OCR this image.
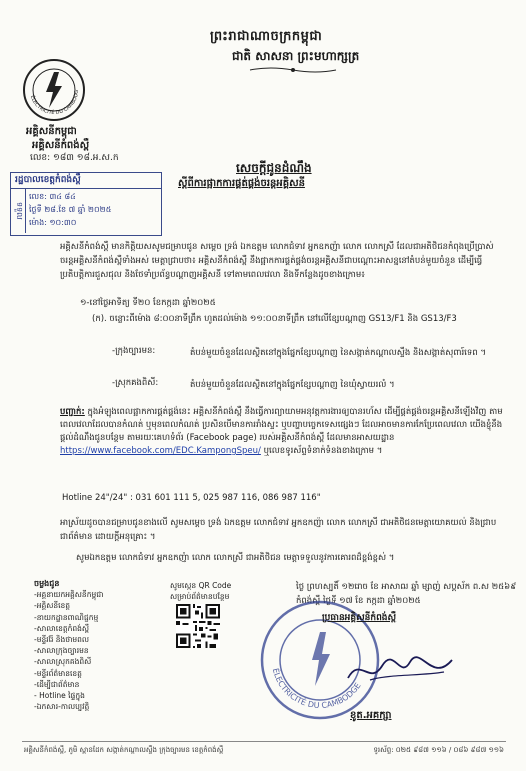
ព្រះរាជាណាចក្រកម្ពុជា
ជាតិ សាសនា ព្រះមហាក្សត្រ
ÉLECTRICITÉ DU CAMBODG
អគ្គិសនីកម្ពុជា
អគ្គិសនីកំពង់ស្ពឺ
លេខ: ១៨៣ ១៨.អ.ស.ក
រដ្ឋបាលខេត្តកំពង់ស្ពឺ
ទទួល
លេខ: ៣៤ ៨៤
ថ្ងៃទី ២៨.ខែ ៧ ឆ្នាំ ២០២៥
ម៉ោង: ១០:៣០
សេចក្តីជូនដំណឹង
ស្តីពីការផ្អាកការផ្គត់ផ្គង់ចរន្តអគ្គិសនី
អគ្គិសនីកំពង់ស្ពឺ មានកិត្តិយសសូមជម្រាបជូន សម្តេច ទ្រង់ ឯកឧត្តម លោកជំទាវ អ្នកឧកញ៉ា លោក លោកស្រី ដែលជាអតិថិជនកំពុងប្រើប្រាស់ចរន្តអគ្គិសនីកំពង់ស្ពឺទាំងអស់ មេត្តាជ្រាបថា៖ អគ្គិសនីកំពង់ស្ពឺ នឹងផ្អាកការផ្គត់ផ្គង់ចរន្តអគ្គិសនីជាបណ្តោះអាសន្ននៅតំបន់មួយចំនួន ដើម្បីធ្វើប្រតិបត្តិការជួសជុល និងថែទាំប្រព័ន្ធបណ្តាញអគ្គិសនី ទៅតាមពេលវេលា និងទីកន្លែងដូចខាងក្រោម៖
១-នៅថ្ងៃអាទិត្យ ទី២០ ខែកក្កដា ឆ្នាំ២០២៥
(ក). ចន្លោះពីម៉ោង ៨:០០នាទីព្រឹក ហូតដល់ម៉ោង ១១:០០នាទីព្រឹក នៅលើខ្សែបណ្តាញ GS13/F1 និង GS13/F3
-ក្រុងច្បារមន:	តំបន់មួយចំនួនដែលស្ថិតនៅក្នុងផ្នែកខ្សែបណ្តាញ នៃសង្កាត់កណ្តាលស្ទឹង និងសង្កាត់សុពារ៍ទេព ។
-ស្រុកគងពិសី:	តំបន់មួយចំនួនដែលស្ថិតនៅក្នុងផ្នែកខ្សែបណ្តាញ នៃឃុំស្វាយរលំ ។
បញ្ជាក់: ក្នុងអំឡុងពេលផ្អាកការផ្គត់ផ្គង់នេះ អគ្គិសនីកំពង់ស្ពឺ នឹងធ្វើការព្យាយាមអនុវត្តការងារឲ្យបានរហ័ស ដើម្បីផ្គត់ផ្គង់ចរន្តអគ្គិសនីឡើងវិញ តាមពេលវេលាដែលបានកំណត់ ឬមុនពេលកំណត់ ប្រសិនបើមានការរាំងស្ទះ ឬបញ្ហាបច្ចេកទេសផ្សេងៗ ដែលអាចមានការកែប្រែពេលវេលា យើងខ្ញុំនឹងផ្តល់ដំណឹងជូនបន្ថែម តាមរយៈគេហទំព័រ (Facebook page) របស់អគ្គិសនីកំពង់ស្ពឺ ដែលមានអាសយដ្ឋាន https://www.facebook.com/EDC.KampongSpeu/ ឬលេខទូរស័ព្ទទំនាក់ទំនងខាងក្រោម ។
Hotline 24"/24" : 031 601 111 5, 025 987 116, 086 987 116"
អាស្រ័យដូចបានជម្រាបជូនខាងលើ សូមសម្តេច ទ្រង់ ឯកឧត្តម លោកជំទាវ អ្នកឧកញ៉ា លោក លោកស្រី ជាអតិថិជនមេត្តាយោគយល់ និងជ្រាបជាព័ត៌មាន ដោយក្តីអនុគ្រោះ ។
សូមឯកឧត្តម លោកជំទាវ អ្នកឧកញ៉ា លោក លោកស្រី ជាអតិថិជន មេត្តាទទួលនូវការគោរពដ៏ខ្ពង់ខ្ពស់ ។
ចម្លងជូន
-អគ្គនាយកអគ្គិសនីកម្ពុជា
-អគ្គិសនីខេត្ត
-នាយកដ្ឋានពាណិជ្ជកម្ម
-សាលាខេត្តកំពង់ស្ពឺ
-មន្ទីររ៉ែ និងថាមពល
-សាលាក្រុងច្បារមន
-សាលាស្រុកគងពិសី
-មន្ទីរព័ត៌មានខេត្ត
-ដើម្បីជាព័ត៌មាន
- Hotline ផ្ទៃក្នុង
-ឯកសារ-កាលប្បវត្តិ
សូមស្កេន QR Code
សម្រាប់ព័ត៌មានបន្ថែម
ថ្ងៃ ព្រហស្បតិ៍ ១២រោច ខែ អាសាឍ ឆ្នាំ ម្សាញ់ សប្តស័ក ព.ស ២៥៦៩
កំពង់ស្ពឺ ថ្ងៃទី ១៧ ខែ កក្កដា ឆ្នាំ២០២៥
ÉLECTRICITÉ DU CAMBODGE
ប្រធានអគ្គិសនីកំពង់ស្ពឺ
ខូត.អគក្សា
អគ្គិសនីកំពង់ស្ពឺ, ភូមិ ស្ពានដែក សង្កាត់កណ្តាលស្ទឹង ក្រុងច្បារមន ខេត្តកំពង់ស្ពឺ	ទូរស័ព្ទ: ០២៥ ៩៨៧ ១១៦ / ០៨៦ ៩៨៧ ១១៦
